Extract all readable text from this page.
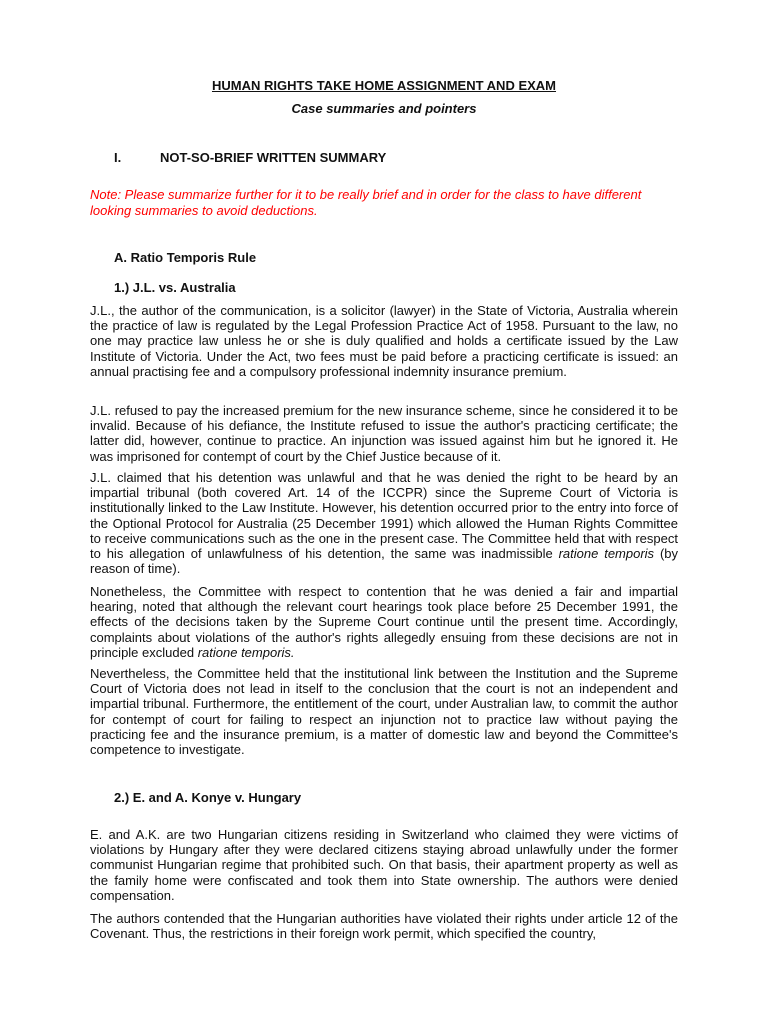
HUMAN RIGHTS TAKE HOME ASSIGNMENT AND EXAM
Case summaries and pointers
I.	NOT-SO-BRIEF WRITTEN SUMMARY
Note: Please summarize further for it to be really brief and in order for the class to have different looking summaries to avoid deductions.
A. Ratio Temporis Rule
1.) J.L. vs. Australia
J.L., the author of the communication, is a solicitor (lawyer) in the State of Victoria, Australia wherein the practice of law is regulated by the Legal Profession Practice Act of 1958. Pursuant to the law, no one may practice law unless he or she is duly qualified and holds a certificate issued by the Law Institute of Victoria. Under the Act, two fees must be paid before a practicing certificate is issued: an annual practising fee and a compulsory professional indemnity insurance premium.
J.L. refused to pay the increased premium for the new insurance scheme, since he considered it to be invalid. Because of his defiance, the Institute refused to issue the author's practicing certificate; the latter did, however, continue to practice. An injunction was issued against him but he ignored it. He was imprisoned for contempt of court by the Chief Justice because of it.
J.L. claimed that his detention was unlawful and that he was denied the right to be heard by an impartial tribunal (both covered Art. 14 of the ICCPR) since the Supreme Court of Victoria is institutionally linked to the Law Institute. However, his detention occurred prior to the entry into force of the Optional Protocol for Australia (25 December 1991) which allowed the Human Rights Committee to receive communications such as the one in the present case. The Committee held that with respect to his allegation of unlawfulness of his detention, the same was inadmissible ratione temporis (by reason of time).
Nonetheless, the Committee with respect to contention that he was denied a fair and impartial hearing, noted that although the relevant court hearings took place before 25 December 1991, the effects of the decisions taken by the Supreme Court continue until the present time. Accordingly, complaints about violations of the author's rights allegedly ensuing from these decisions are not in principle excluded ratione temporis.
Nevertheless, the Committee held that the institutional link between the Institution and the Supreme Court of Victoria does not lead in itself to the conclusion that the court is not an independent and impartial tribunal. Furthermore, the entitlement of the court, under Australian law, to commit the author for contempt of court for failing to respect an injunction not to practice law without paying the practicing fee and the insurance premium, is a matter of domestic law and beyond the Committee's competence to investigate.
2.) E. and A. Konye v. Hungary
E. and A.K. are two Hungarian citizens residing in Switzerland who claimed they were victims of violations by Hungary after they were declared citizens staying abroad unlawfully under the former communist Hungarian regime that prohibited such. On that basis, their apartment property as well as the family home were confiscated and took them into State ownership. The authors were denied compensation.
The authors contended that the Hungarian authorities have violated their rights under article 12 of the Covenant. Thus, the restrictions in their foreign work permit, which specified the country,
